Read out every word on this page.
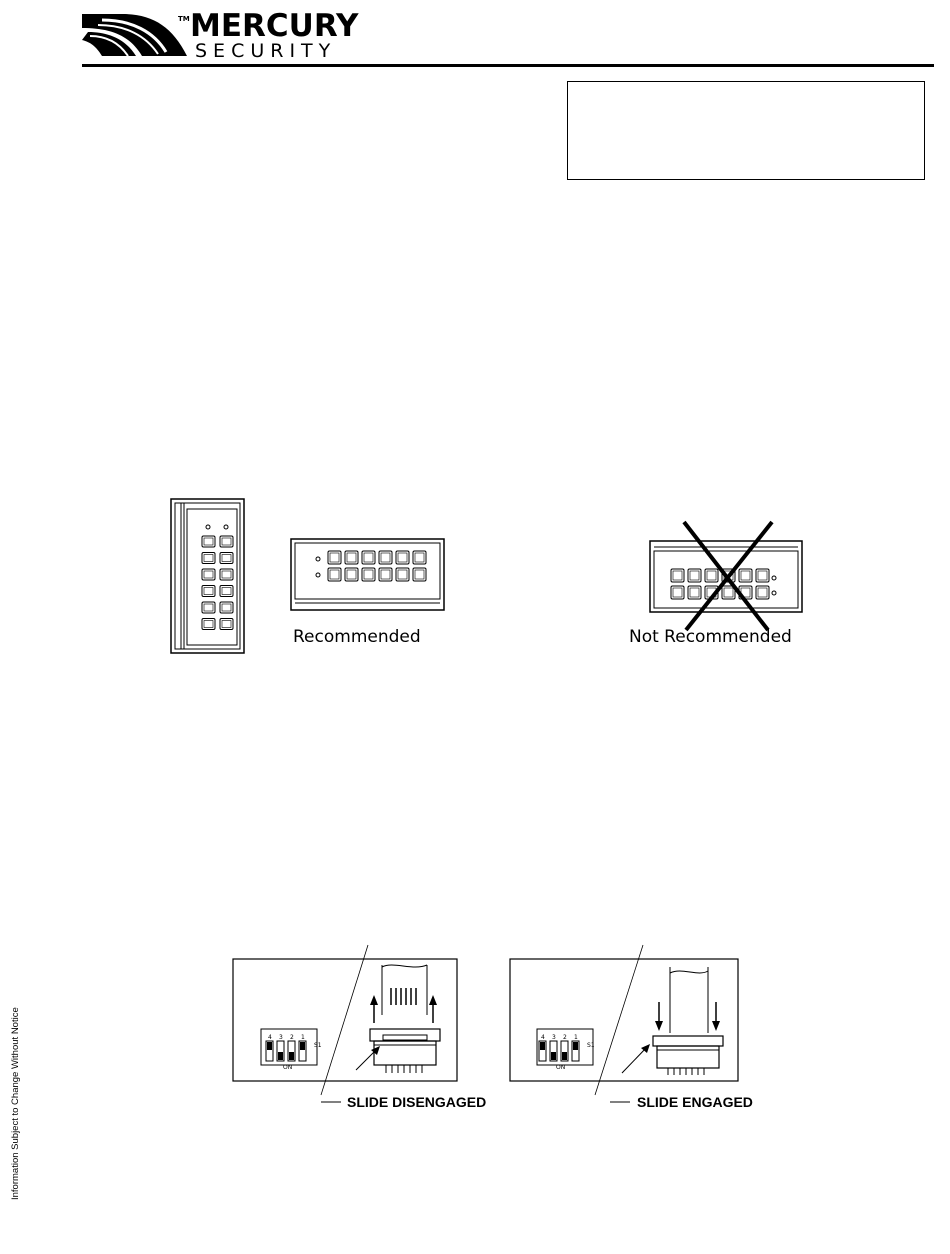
TM MERCURY
SECURITY
Recommended	Not Recommended
4 3 2 1
S1
ON
SLIDE DISENGAGED
4 3 2 1
S1
ON
SLIDE ENGAGED
Information Subject to Change Without Notice
